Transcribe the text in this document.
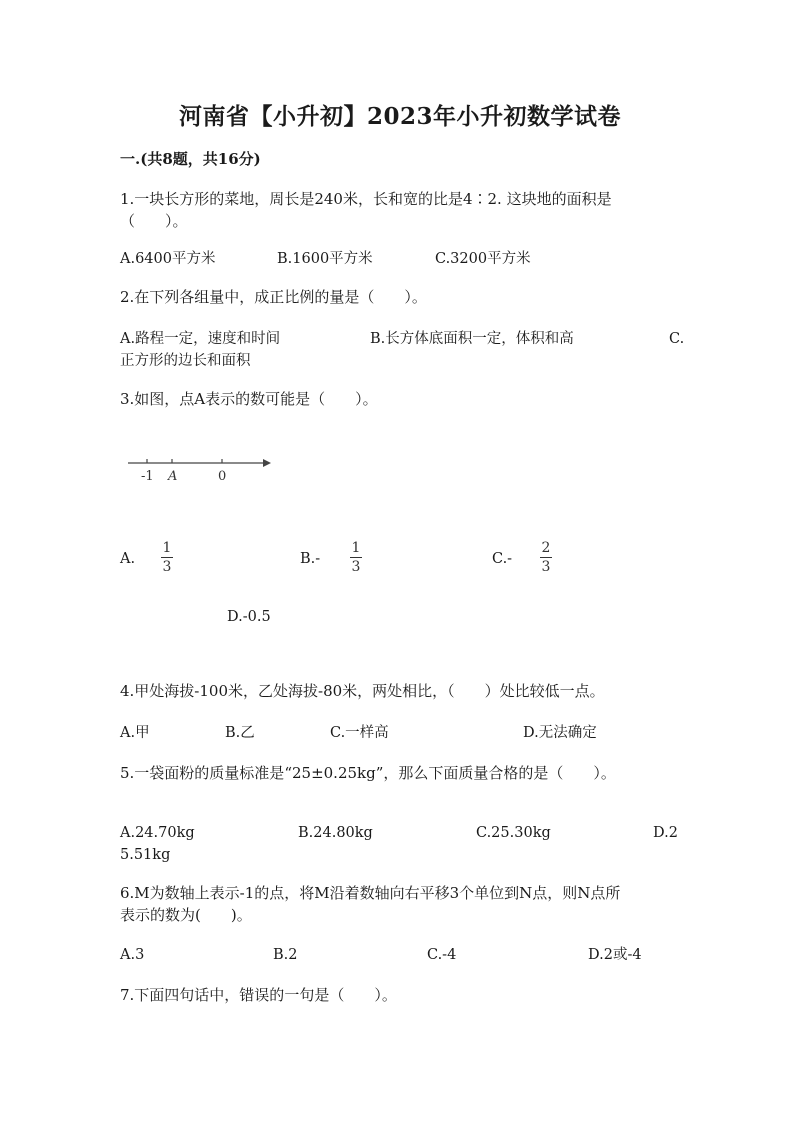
河南省【小升初】2023年小升初数学试卷
一.(共8题，共16分)
1.一块长方形的菜地，周长是240米，长和宽的比是4∶2. 这块地的面积是
（　　）。
A.6400平方米	B.1600平方米	C.3200平方米
2.在下列各组量中，成正比例的量是（　　）。
A.路程一定，速度和时间	B.长方体底面积一定，体积和高	C.
正方形的边长和面积
3.如图，点A表示的数可能是（　　）。
-1 A	0
A.
1
3	B.-
1
3	C.-
2
3
D.-0.5
4.甲处海拔-100米，乙处海拔-80米，两处相比，（　　）处比较低一点。
A.甲	B.乙	C.一样高	D.无法确定
5.一袋面粉的质量标准是“25±0.25kg”，那么下面质量合格的是（　　）。
A.24.70kg	B.24.80kg	C.25.30kg	D.2
5.51kg
6.M为数轴上表示-1的点，将M沿着数轴向右平移3个单位到N点，则N点所
表示的数为(　　)。
A.3	B.2	C.-4	D.2或-4
7.下面四句话中，错误的一句是（　　）。
